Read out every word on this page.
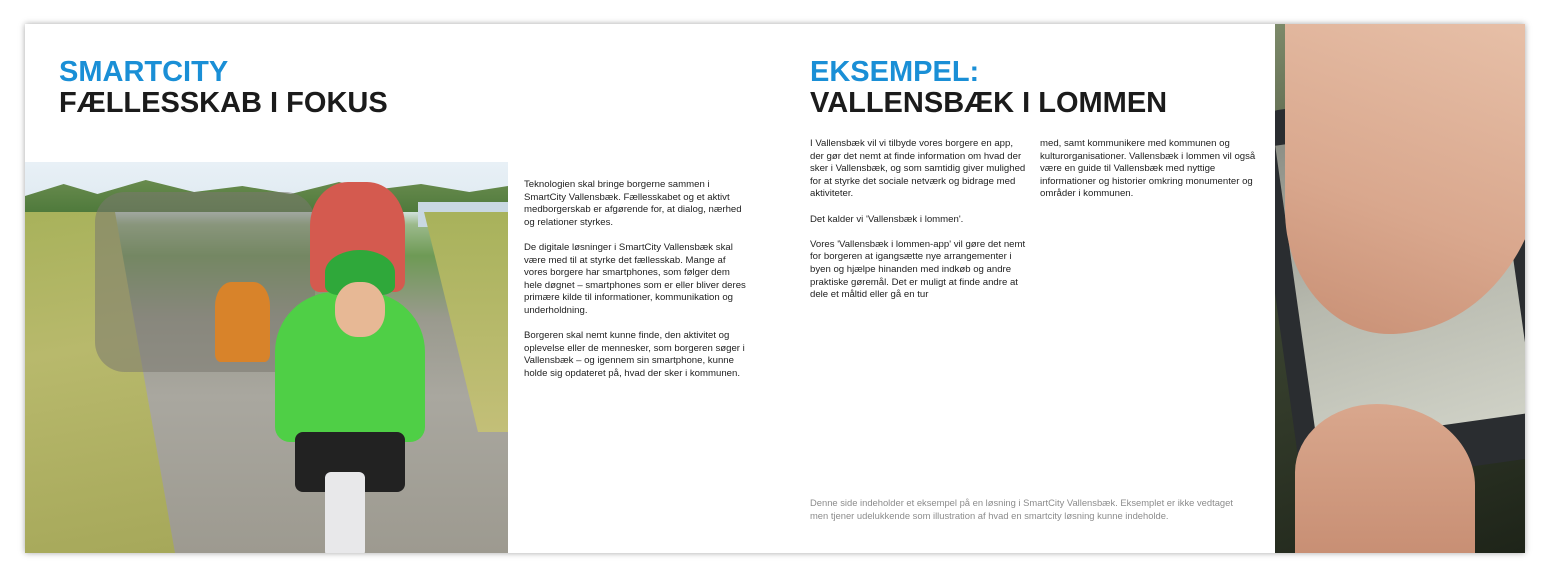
SMARTCITY
FÆLLESSKAB I FOKUS

Teknologien skal bringe borgerne sammen i SmartCity Vallensbæk. Fællesskabet og et aktivt medborgerskab er afgørende for, at dialog, nærhed og relationer styrkes.

De digitale løsninger i SmartCity Vallensbæk skal være med til at styrke det fællesskab. Mange af vores borgere har smartphones, som følger dem hele døgnet – smartphones som er eller bliver deres primære kilde til informationer, kommunikation og underholdning.

Borgeren skal nemt kunne finde, den aktivitet og oplevelse eller de mennesker, som borgeren søger i Vallensbæk – og igennem sin smartphone, kunne holde sig opdateret på, hvad der sker i kommunen.

EKSEMPEL:
VALLENSBÆK I LOMMEN

I Vallensbæk vil vi tilbyde vores borgere en app, der gør det nemt at finde information om hvad der sker i Vallensbæk, og som samtidig giver mulighed for at styrke det sociale netværk og bidrage med aktiviteter.

Det kalder vi 'Vallensbæk i lommen'.

Vores 'Vallensbæk i lommen-app' vil gøre det nemt for borgeren at igangsætte nye arrangementer i byen og hjælpe hinanden med indkøb og andre praktiske gøremål. Det er muligt at finde andre at dele et måltid eller gå en tur

med, samt kommunikere med kommunen og kulturorganisationer. Vallensbæk i lommen vil også være en guide til Vallensbæk med nyttige informationer og historier omkring monumenter og områder i kommunen.

Denne side indeholder et eksempel på en løsning i SmartCity Vallensbæk. Eksemplet er ikke vedtaget men tjener udelukkende som illustration af hvad en smartcity løsning kunne indeholde.
